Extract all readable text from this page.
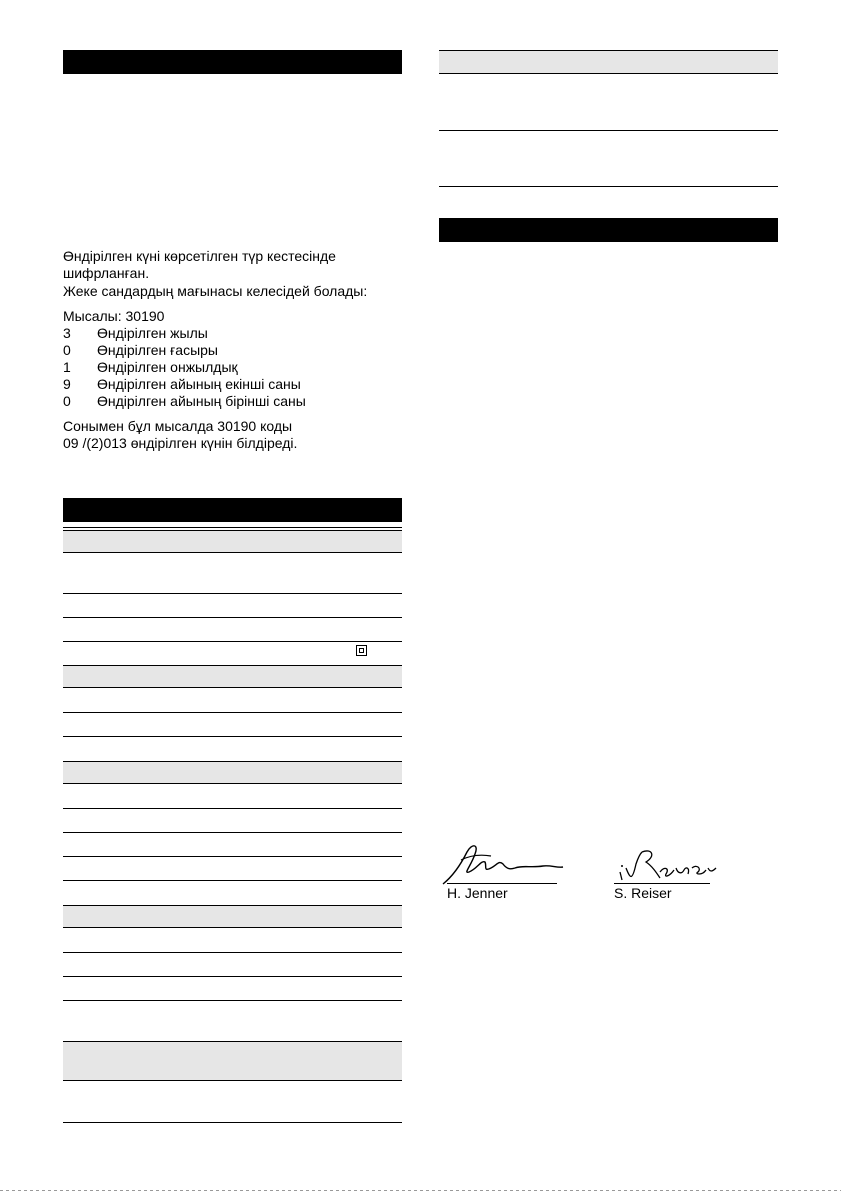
Өндірілген күні көрсетілген түр кестесінде
шифрланған.
Жеке сандардың мағынасы келесідей болады:
Мысалы: 30190
3 Өндірілген жылы
0 Өндірілген ғасыры
1 Өндірілген онжылдық
9 Өндірілген айының екінші саны
0 Өндірілген айының бірінші саны
Сонымен бұл мысалда 30190 коды
09 /(2)013 өндірілген күнін білдіреді.
H. Jenner	S. Reiser
